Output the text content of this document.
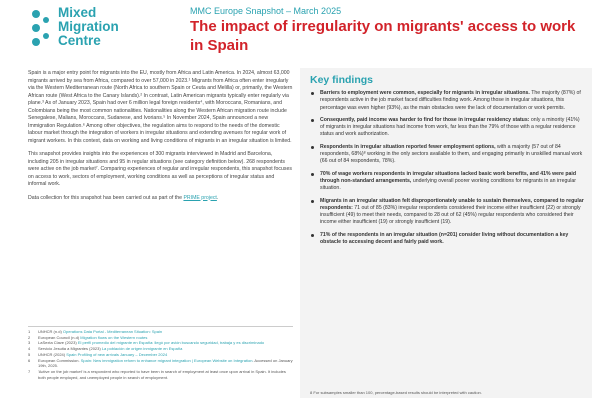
Mixed
Migration
Centre
MMC Europe Snapshot – March 2025
The impact of irregularity on migrants' access to work in Spain

Spain is a major entry point for migrants into the EU, mostly from Africa and Latin America. In 2024, almost 63,000 migrants arrived by sea from Africa, compared to over 57,000 in 2023.¹ Migrants from Africa often enter irregularly via the Western Mediterranean route (North Africa to southern Spain or Ceuta and Melilla) or, primarily, the Western African route (West Africa to the Canary Islands).² In contrast, Latin American migrants typically enter regularly via plane.³ As of January 2023, Spain had over 6 million legal foreign residents⁴, with Moroccans, Romanians, and Colombians being the most common nationalities. Nationalities along the Western African migration route include Senegalese, Malians, Moroccans, Sudanese, and Ivorians.⁵ In November 2024, Spain announced a new Immigration Regulation.⁶ Among other objectives, the regulation aims to respond to the needs of the domestic labour market through the integration of workers in irregular situations and extending avenues for regular work of migrant workers. In this context, data on working and living conditions of migrants in an irregular situation is limited.

This snapshot provides insights into the experiences of 300 migrants interviewed in Madrid and Barcelona, including 205 in irregular situations and 95 in regular situations (see category definition below). 268 respondents were active on the job market⁷. Comparing experiences of regular and irregular respondents, this snapshot focuses on access to work, sectors of employment, working conditions as well as perceptions of irregular status and informal work.

Data collection for this snapshot has been carried out as part of the PRIME project.

1	UNHCR (n.d) Operations Data Portal - Mediterranean Situation: Spain
2	European Council (n.d) Migration flows on the Western routes
3	LaSexta Clave (2023) El perfil promedio del migrante en España: llegó por avión buscando seguridad, trabaja y es discriminado
4	Servicio Jesuita a Migrantes (2023) La población de origen inmigrante en España
5	UNHCR (2024) Spain Profiling of new arrivals January – December 2024
6	European Commission. Spain: New immigration reform to enhance migrant integration | European Website on Integration. Accessed on January 19th, 2025.
7	'Active on the job market' is a respondent who reported to have been in search of employment at least once upon arrival in Spain. It includes both people employed, and unemployed people in search of employment.
Key findings
Barriers to employment were common, especially for migrants in irregular situations. The majority (87%) of respondents active in the job market faced difficulties finding work. Among those in irregular situations, this percentage was even higher (93%), as the main obstacles were the lack of documentation or work permits.
Consequently, paid income was harder to find for those in irregular residency status: only a minority (41%) of migrants in irregular situations had income from work, far less than the 79% of those with a regular residence status and work authorization.
Respondents in irregular situation reported fewer employment options, with a majority (57 out of 84 respondents, 68%)⁸ working in the only sectors available to them, and engaging primarily in unskilled manual work (66 out of 84 respondents, 78%).
70% of wage workers respondents in irregular situations lacked basic work benefits, and 41% were paid through non-standard arrangements, underlying overall poorer working conditions for migrants in an irregular situation.
Migrants in an irregular situation felt disproportionately unable to sustain themselves, compared to regular respondents: 71 out of 85 (83%) irregular respondents considered their income either insufficient (22) or strongly insufficient (49) to meet their needs, compared to 28 out of 62 (45%) regular respondents who considered their income either insufficient (19) or strongly insufficient (19).
71% of the respondents in an irregular situation (n=201) consider living without documentation a key obstacle to accessing decent and fairly paid work.
8 For subsamples smaller than 100, percentage-based results should be interpreted with caution.
